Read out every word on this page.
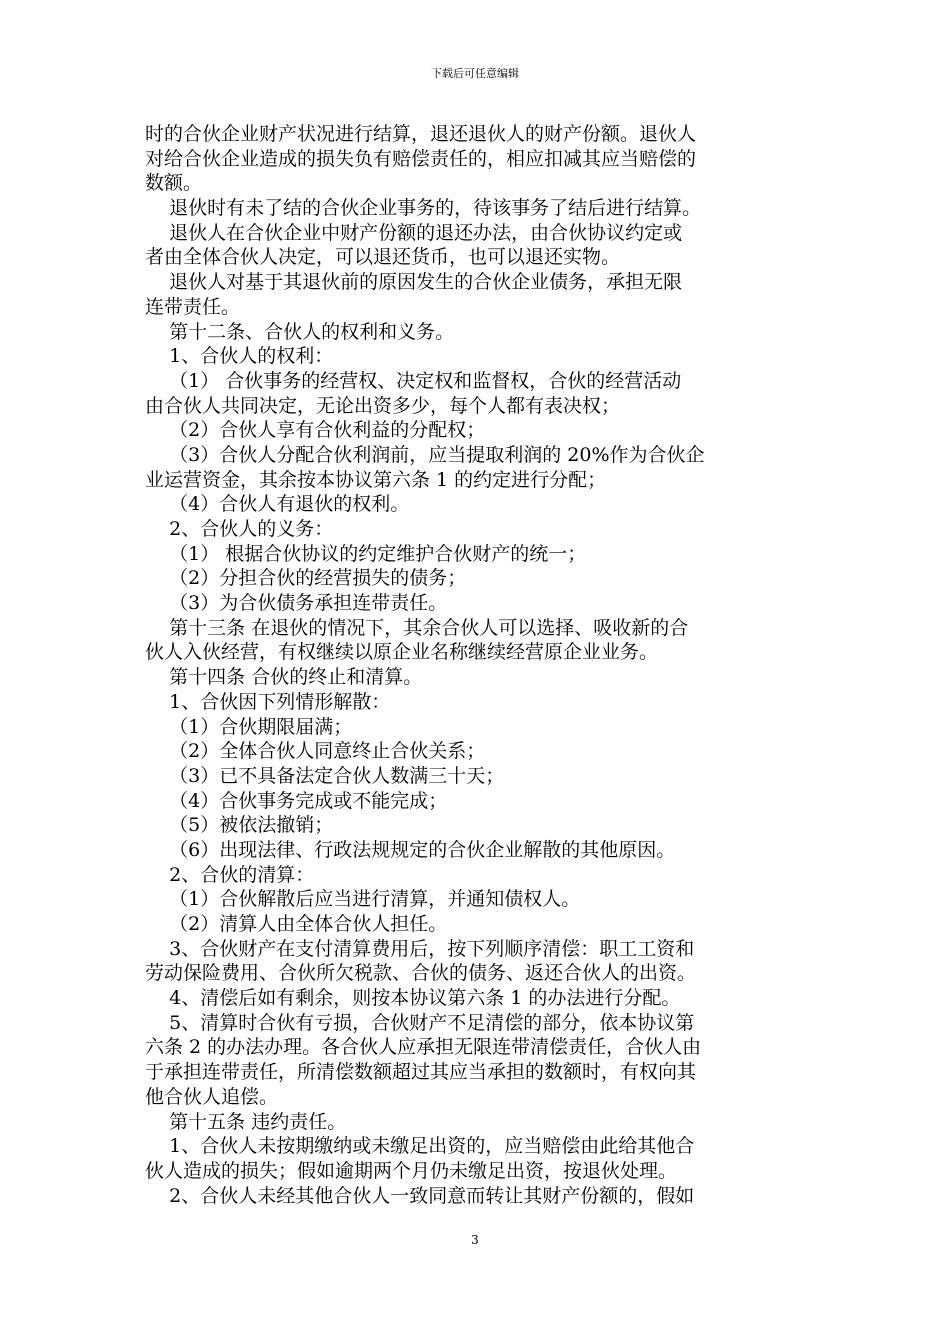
下载后可任意编辑
时的合伙企业财产状况进行结算，退还退伙人的财产份额。退伙人
对给合伙企业造成的损失负有赔偿责任的，相应扣减其应当赔偿的
数额。
退伙时有未了结的合伙企业事务的，待该事务了结后进行结算。
退伙人在合伙企业中财产份额的退还办法，由合伙协议约定或
者由全体合伙人决定，可以退还货币，也可以退还实物。
退伙人对基于其退伙前的原因发生的合伙企业债务，承担无限
连带责任。
第十二条、合伙人的权利和义务。
1、合伙人的权利：
（1） 合伙事务的经营权、决定权和监督权，合伙的经营活动
由合伙人共同决定，无论出资多少，每个人都有表决权；
（2）合伙人享有合伙利益的分配权；
（3）合伙人分配合伙利润前，应当提取利润的 20%作为合伙企
业运营资金，其余按本协议第六条 1 的约定进行分配；
（4）合伙人有退伙的权利。
2、合伙人的义务：
（1） 根据合伙协议的约定维护合伙财产的统一；
（2）分担合伙的经营损失的债务；
（3）为合伙债务承担连带责任。
第十三条 在退伙的情况下，其余合伙人可以选择、吸收新的合
伙人入伙经营，有权继续以原企业名称继续经营原企业业务。
第十四条 合伙的终止和清算。
1、合伙因下列情形解散：
（1）合伙期限届满；
（2）全体合伙人同意终止合伙关系；
（3）已不具备法定合伙人数满三十天；
（4）合伙事务完成或不能完成；
（5）被依法撤销；
（6）出现法律、行政法规规定的合伙企业解散的其他原因。
2、合伙的清算：
（1）合伙解散后应当进行清算，并通知债权人。
（2）清算人由全体合伙人担任。
3、合伙财产在支付清算费用后，按下列顺序清偿：职工工资和
劳动保险费用、合伙所欠税款、合伙的债务、返还合伙人的出资。
4、清偿后如有剩余，则按本协议第六条 1 的办法进行分配。
5、清算时合伙有亏损，合伙财产不足清偿的部分，依本协议第
六条 2 的办法办理。各合伙人应承担无限连带清偿责任，合伙人由
于承担连带责任，所清偿数额超过其应当承担的数额时，有权向其
他合伙人追偿。
第十五条 违约责任。
1、合伙人未按期缴纳或未缴足出资的，应当赔偿由此给其他合
伙人造成的损失；假如逾期两个月仍未缴足出资，按退伙处理。
2、合伙人未经其他合伙人一致同意而转让其财产份额的，假如
3
